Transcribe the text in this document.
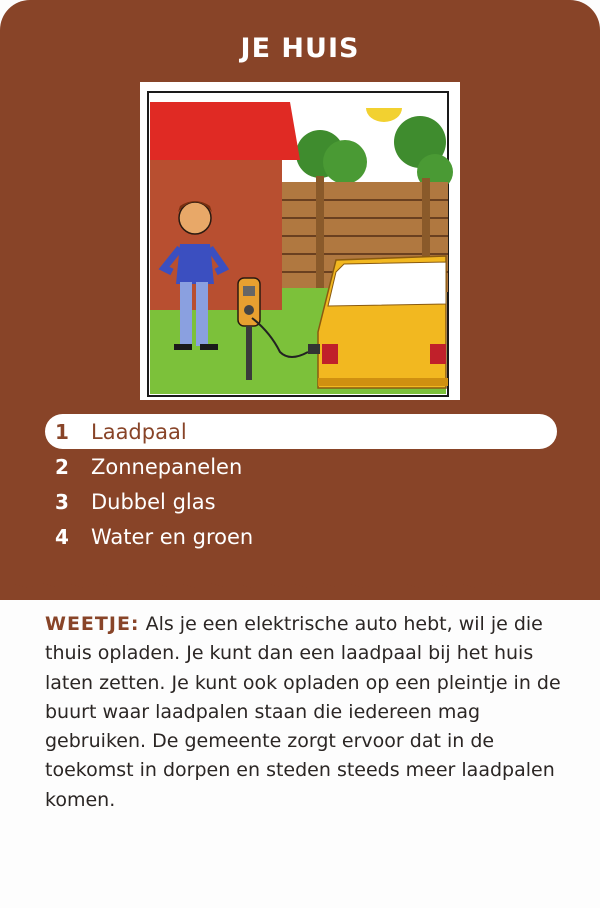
JE HUIS
1	Laadpaal
2	Zonnepanelen
3	Dubbel glas
4	Water en groen

WEETJE: Als je een elektrische auto hebt, wil je die thuis opladen. Je kunt dan een laadpaal bij het huis laten zetten. Je kunt ook opladen op een pleintje in de buurt waar laadpalen staan die iedereen mag gebruiken. De gemeente zorgt ervoor dat in de toekomst in dorpen en steden steeds meer laadpalen komen.
